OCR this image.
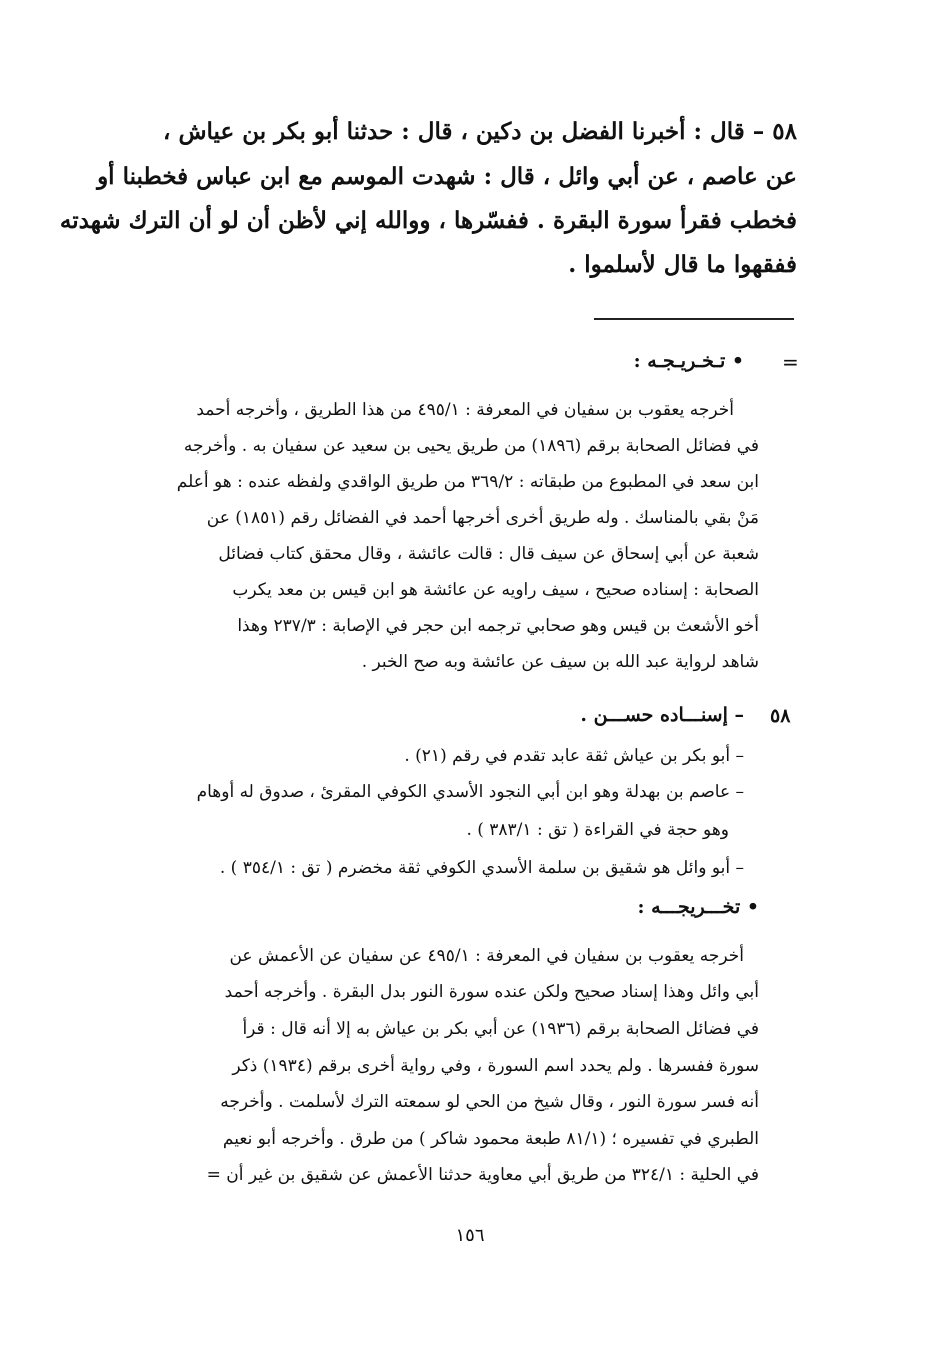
٥٨ – قال : أخبرنا الفضل بن دكين ، قال : حدثنا أبو بكر بن عياش ،
عن عاصم ، عن أبي وائل ، قال : شهدت الموسم مع ابن عباس فخطبنا أو
فخطب فقرأ سورة البقرة . ففسّرها ، ووالله إني لأظن أن لو أن الترك شهدته
ففقهوا ما قال لأسلموا .
=
• تـخـريـجـه :
أخرجه يعقوب بن سفيان في المعرفة : ٤٩٥/١ من هذا الطريق ، وأخرجه أحمد
في فضائل الصحابة برقم (١٨٩٦) من طريق يحيى بن سعيد عن سفيان به . وأخرجه
ابن سعد في المطبوع من طبقاته : ٣٦٩/٢ من طريق الواقدي ولفظه عنده : هو أعلم
مَنْ بقي بالمناسك . وله طريق أخرى أخرجها أحمد في الفضائل رقم (١٨٥١) عن
شعبة عن أبي إسحاق عن سيف قال : قالت عائشة ، وقال محقق كتاب فضائل
الصحابة : إسناده صحيح ، سيف راويه عن عائشة هو ابن قيس بن معد يكرب
أخو الأشعث بن قيس وهو صحابي ترجمه ابن حجر في الإصابة : ٢٣٧/٣ وهذا
شاهد لرواية عبد الله بن سيف عن عائشة وبه صح الخبر .
٥٨
– إسنـــاده حســـن .
– أبو بكر بن عياش ثقة عابد تقدم في رقم (٢١) .
– عاصم بن بهدلة وهو ابن أبي النجود الأسدي الكوفي المقرئ ، صدوق له أوهام
وهو حجة في القراءة ( تق : ٣٨٣/١ ) .
– أبو وائل هو شقيق بن سلمة الأسدي الكوفي ثقة مخضرم ( تق : ٣٥٤/١ ) .
• تخـــريجـــه :
أخرجه يعقوب بن سفيان في المعرفة : ٤٩٥/١ عن سفيان عن الأعمش عن
أبي وائل وهذا إسناد صحيح ولكن عنده سورة النور بدل البقرة . وأخرجه أحمد
في فضائل الصحابة برقم (١٩٣٦) عن أبي بكر بن عياش به إلا أنه قال : قرأ
سورة ففسرها . ولم يحدد اسم السورة ، وفي رواية أخرى برقم (١٩٣٤) ذكر
أنه فسر سورة النور ، وقال شيخ من الحي لو سمعته الترك لأسلمت . وأخرجه
الطبري في تفسيره ؛ (٨١/١ طبعة محمود شاكر ) من طرق . وأخرجه أبو نعيم
في الحلية : ٣٢٤/١ من طريق أبي معاوية حدثنا الأعمش عن شقيق بن غير أن =
١٥٦
